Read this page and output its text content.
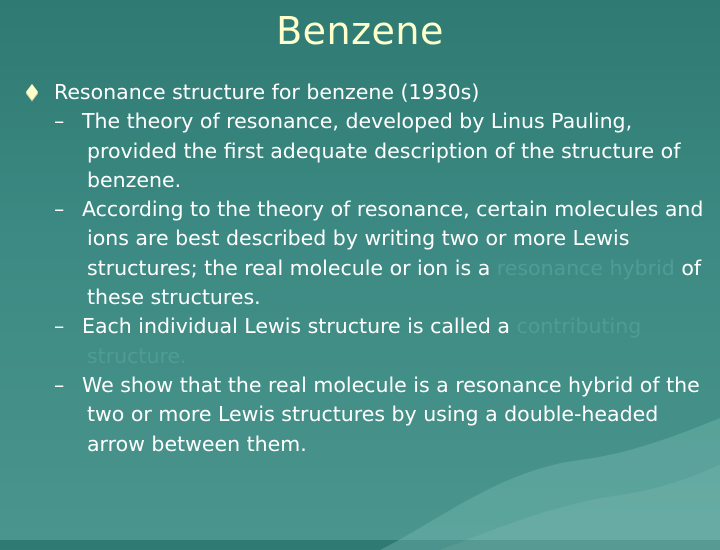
Benzene
Resonance structure for benzene (1930s)
– The theory of resonance, developed by Linus Pauling, provided the first adequate description of the structure of benzene.
– According to the theory of resonance, certain molecules and ions are best described by writing two or more Lewis structures; the real molecule or ion is a resonance hybrid of these structures.
– Each individual Lewis structure is called a contributing structure.
– We show that the real molecule is a resonance hybrid of the two or more Lewis structures by using a double-headed arrow between them.
